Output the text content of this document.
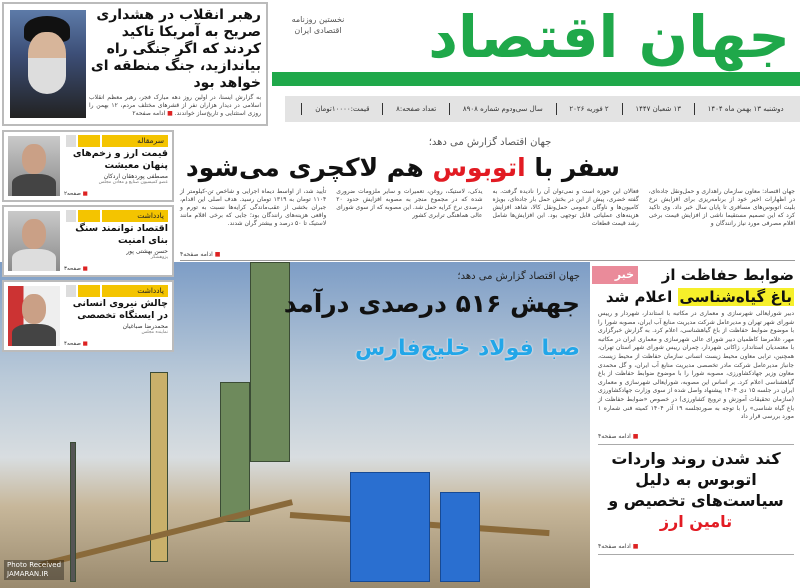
نخستین روزنامه
اقتصادی ایران	جهان اقتصاد
دوشنبه ۱۳ بهمن ماه ۱۴۰۴
۱۳ شعبان ۱۴۴۷
۲ فوریه ۲۰۲۶
سال سی‌ودوم شماره ۸۹۰۸
تعداد صفحه:۸
قیمت:۱۰۰۰۰تومان
رهبر انقلاب در هشداری صریح به آمریکا تاکید کردند که اگر جنگی راه بیاندازید، جنگ منطقه ای خواهد بود
به گزارش ایسنا، در اولین روز دهه مبارک فجر، رهبر معظم انقلاب اسلامی در دیدار هزاران نفر از قشرهای مختلف مردم، ۱۲ بهمن را روزی استثنایی و تاریخ‌ساز خواندند. ■ ادامه صفحه۲
جهان اقتصاد گزارش می دهد؛
جهش ۵۱۶ درصدی درآمد
صبا فولاد خلیج‌فارس
Photo Received
JAMARAN.IR
سرمقاله
قیمت ارز و زخم‌های پنهان معیشت
مصطفی پوردهقان اردکان
عضو کمیسیون صنایع و معادن مجلس
■ صفحه۲
یادداشت
اقتصاد توانمند سنگ بنای امنیت
حسن بهشتی پور
پژوهشگر
■ صفحه۳
یادداشت
چالش نیروی انسانی در ایستگاه تخصصی
محمدرضا صباغیان
نماینده مجلس
■ صفحه۴
جهان اقتصاد گزارش می دهد؛
سفر با اتوبوس هم لاکچری می‌شود

جهان اقتصاد: معاون سازمان راهداری و حمل‌ونقل جاده‌ای، در اظهارات اخیر خود از برنامه‌ریزی برای افزایش نرخ بلیت اتوبوس‌های مسافری تا پایان سال خبر داد. وی تاکید کرد که این تصمیم مستقیما ناشی از افزایش قیمت برخی اقلام مصرفی مورد نیاز رانندگان و

فعالان این حوزه است و نمی‌توان آن را نادیده گرفت. به گفته خضری، پیش از این در بخش حمل بار جاده‌ای، بویژه کامیون‌ها و ناوگان عمومی حمل‌ونقل کالا، شاهد افزایش هزینه‌های عملیاتی قابل توجهی بود. این افزایش‌ها شامل رشد قیمت قطعات

یدکی، لاستیک، روغن، تعمیرات و سایر ملزومات ضروری شده که در مجموع منجر به مصوبه افزایش حدود ۲۰ درصدی نرخ کرایه حمل شد. این مصوبه که از سوی شورای عالی هماهنگی ترابری کشور

تأیید شد، از اواسط دیماه اجرایی و شاخص تن-کیلومتر از ۱۱۰۴ تومان به ۱۳۱۹ تومان رسید. هدف اصلی این اقدام، جبران بخشی از عقب‌ماندگی کرایه‌ها نسبت به تورم و واقعی هزینه‌های رانندگان بود؛ جایی که برخی اقلام مانند لاستیک تا ۵۰ درصد و بیشتر گران شدند.

■ ادامه صفحه۴
خبر	ضوابط حفاظت از
باغ گیاه‌شناسی اعلام شد
دبیر شورایعالی شهرسازی و معماری در مکاتبه با استاندار، شهردار و رییس شورای شهر تهران و مدیرعامل شرکت مدیریت منابع آب ایران، مصوبه شورا را با موضوع ضوابط حفاظت از باغ گیاهشناسی، اعلام کرد. به گزارش خبرگزاری مهر، غلامرضا کاظمیان دبیر شورای عالی شهرسازی و معماری ایران در مکاتبه با معتمدیان استاندار، زاکانی شهردار، چمران رییس شورای شهر استان تهران، همچنین، ترابی معاون محیط زیست انسانی سازمان حفاظت از محیط زیست، جانباز مدیرعامل شرکت مادر تخصصی مدیریت منابع آب ایران، و گل محمدی معاون وزیر جهادکشاورزی، مصوبه شورا را با موضوع ضوابط حفاظت از باغ گیاهشناسی اعلام کرد. بر اساس این مصوبه، شورایعالی شهرسازی و معماری ایران در جلسه ۱۵ دی ۱۴۰۴ پیشنهاد واصل شده از سوی وزارت جهادکشاورزی (سازمان تحقیقات آموزش و ترویج کشاورزی) در خصوص «ضوابط حفاظت از باغ گیاه شناسی» را با توجه به صورتجلسه ۱۹ آذر ۱۴۰۴ کمیته فنی شماره ۱ مورد بررسی قرار داد
■ ادامه صفحه۴
کند شدن روند واردات اتوبوس به دلیل سیاست‌های تخصیص و تامین ارز
■ ادامه صفحه۴
